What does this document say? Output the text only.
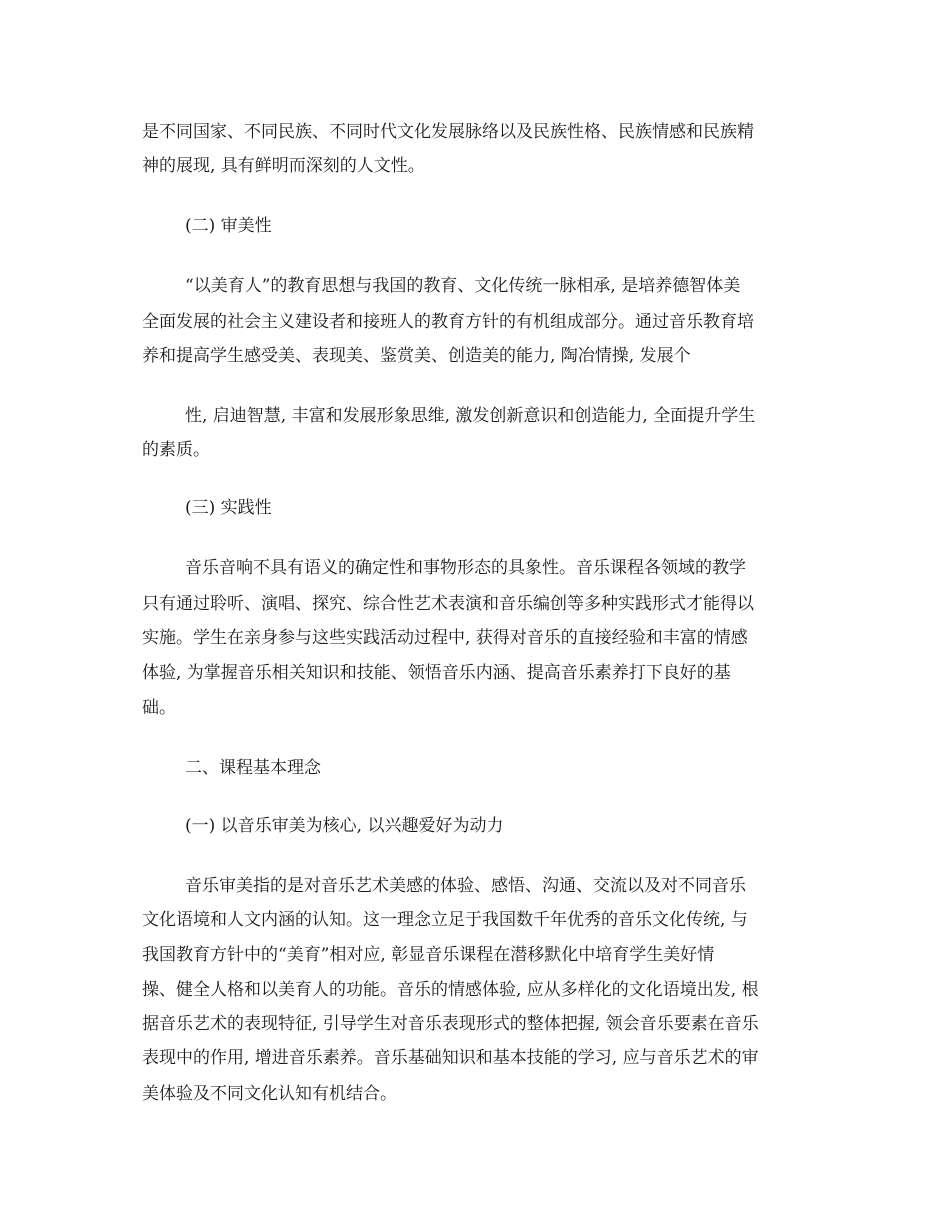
是不同国家、不同民族、不同时代文化发展脉络以及民族性格、民族情感和民族精
神的展现, 具有鲜明而深刻的人文性。
(二) 审美性
“以美育人”的教育思想与我国的教育、文化传统一脉相承, 是培养德智体美
全面发展的社会主义建设者和接班人的教育方针的有机组成部分。通过音乐教育培
养和提高学生感受美、表现美、鉴赏美、创造美的能力, 陶冶情操, 发展个
性, 启迪智慧, 丰富和发展形象思维, 激发创新意识和创造能力, 全面提升学生
的素质。
(三) 实践性
音乐音响不具有语义的确定性和事物形态的具象性。音乐课程各领域的教学
只有通过聆听、演唱、探究、综合性艺术表演和音乐编创等多种实践形式才能得以
实施。学生在亲身参与这些实践活动过程中, 获得对音乐的直接经验和丰富的情感
体验, 为掌握音乐相关知识和技能、领悟音乐内涵、提高音乐素养打下良好的基
础。
二、课程基本理念
(一) 以音乐审美为核心, 以兴趣爱好为动力
音乐审美指的是对音乐艺术美感的体验、感悟、沟通、交流以及对不同音乐
文化语境和人文内涵的认知。这一理念立足于我国数千年优秀的音乐文化传统, 与
我国教育方针中的“美育”相对应, 彰显音乐课程在潜移默化中培育学生美好情
操、健全人格和以美育人的功能。音乐的情感体验, 应从多样化的文化语境出发, 根
据音乐艺术的表现特征, 引导学生对音乐表现形式的整体把握, 领会音乐要素在音乐
表现中的作用, 增进音乐素养。音乐基础知识和基本技能的学习, 应与音乐艺术的审
美体验及不同文化认知有机结合。
